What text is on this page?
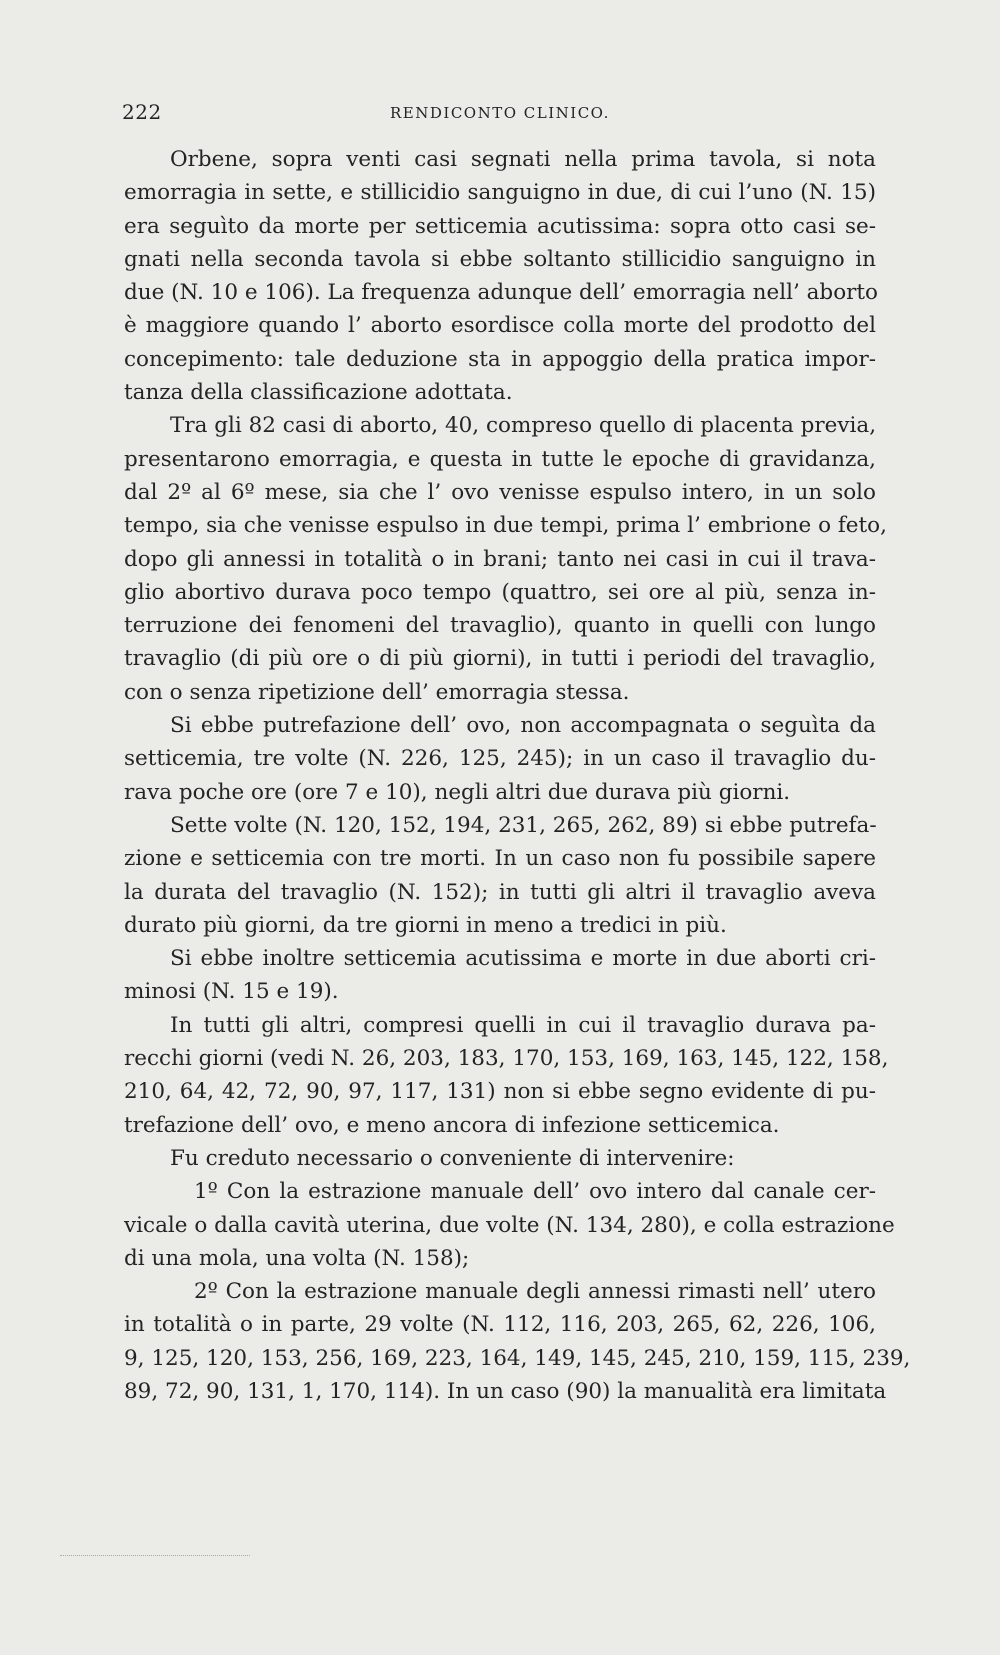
222	RENDICONTO CLINICO.
Orbene, sopra venti casi segnati nella prima tavola, si nota
emorragia in sette, e stillicidio sanguigno in due, di cui l’uno (N. 15)
era seguìto da morte per setticemia acutissima: sopra otto casi se-
gnati nella seconda tavola si ebbe soltanto stillicidio sanguigno in
due (N. 10 e 106). La frequenza adunque dell’ emorragia nell’ aborto
è maggiore quando l’ aborto esordisce colla morte del prodotto del
concepimento: tale deduzione sta in appoggio della pratica impor-
tanza della classificazione adottata.
Tra gli 82 casi di aborto, 40, compreso quello di placenta previa,
presentarono emorragia, e questa in tutte le epoche di gravidanza,
dal 2º al 6º mese, sia che l’ ovo venisse espulso intero, in un solo
tempo, sia che venisse espulso in due tempi, prima l’ embrione o feto,
dopo gli annessi in totalità o in brani; tanto nei casi in cui il trava-
glio abortivo durava poco tempo (quattro, sei ore al più, senza in-
terruzione dei fenomeni del travaglio), quanto in quelli con lungo
travaglio (di più ore o di più giorni), in tutti i periodi del travaglio,
con o senza ripetizione dell’ emorragia stessa.
Si ebbe putrefazione dell’ ovo, non accompagnata o seguìta da
setticemia, tre volte (N. 226, 125, 245); in un caso il travaglio du-
rava poche ore (ore 7 e 10), negli altri due durava più giorni.
Sette volte (N. 120, 152, 194, 231, 265, 262, 89) si ebbe putrefa-
zione e setticemia con tre morti. In un caso non fu possibile sapere
la durata del travaglio (N. 152); in tutti gli altri il travaglio aveva
durato più giorni, da tre giorni in meno a tredici in più.
Si ebbe inoltre setticemia acutissima e morte in due aborti cri-
minosi (N. 15 e 19).
In tutti gli altri, compresi quelli in cui il travaglio durava pa-
recchi giorni (vedi N. 26, 203, 183, 170, 153, 169, 163, 145, 122, 158,
210, 64, 42, 72, 90, 97, 117, 131) non si ebbe segno evidente di pu-
trefazione dell’ ovo, e meno ancora di infezione setticemica.
Fu creduto necessario o conveniente di intervenire:
1º Con la estrazione manuale dell’ ovo intero dal canale cer-
vicale o dalla cavità uterina, due volte (N. 134, 280), e colla estrazione
di una mola, una volta (N. 158);
2º Con la estrazione manuale degli annessi rimasti nell’ utero
in totalità o in parte, 29 volte (N. 112, 116, 203, 265, 62, 226, 106,
9, 125, 120, 153, 256, 169, 223, 164, 149, 145, 245, 210, 159, 115, 239,
89, 72, 90, 131, 1, 170, 114). In un caso (90) la manualità era limitata
